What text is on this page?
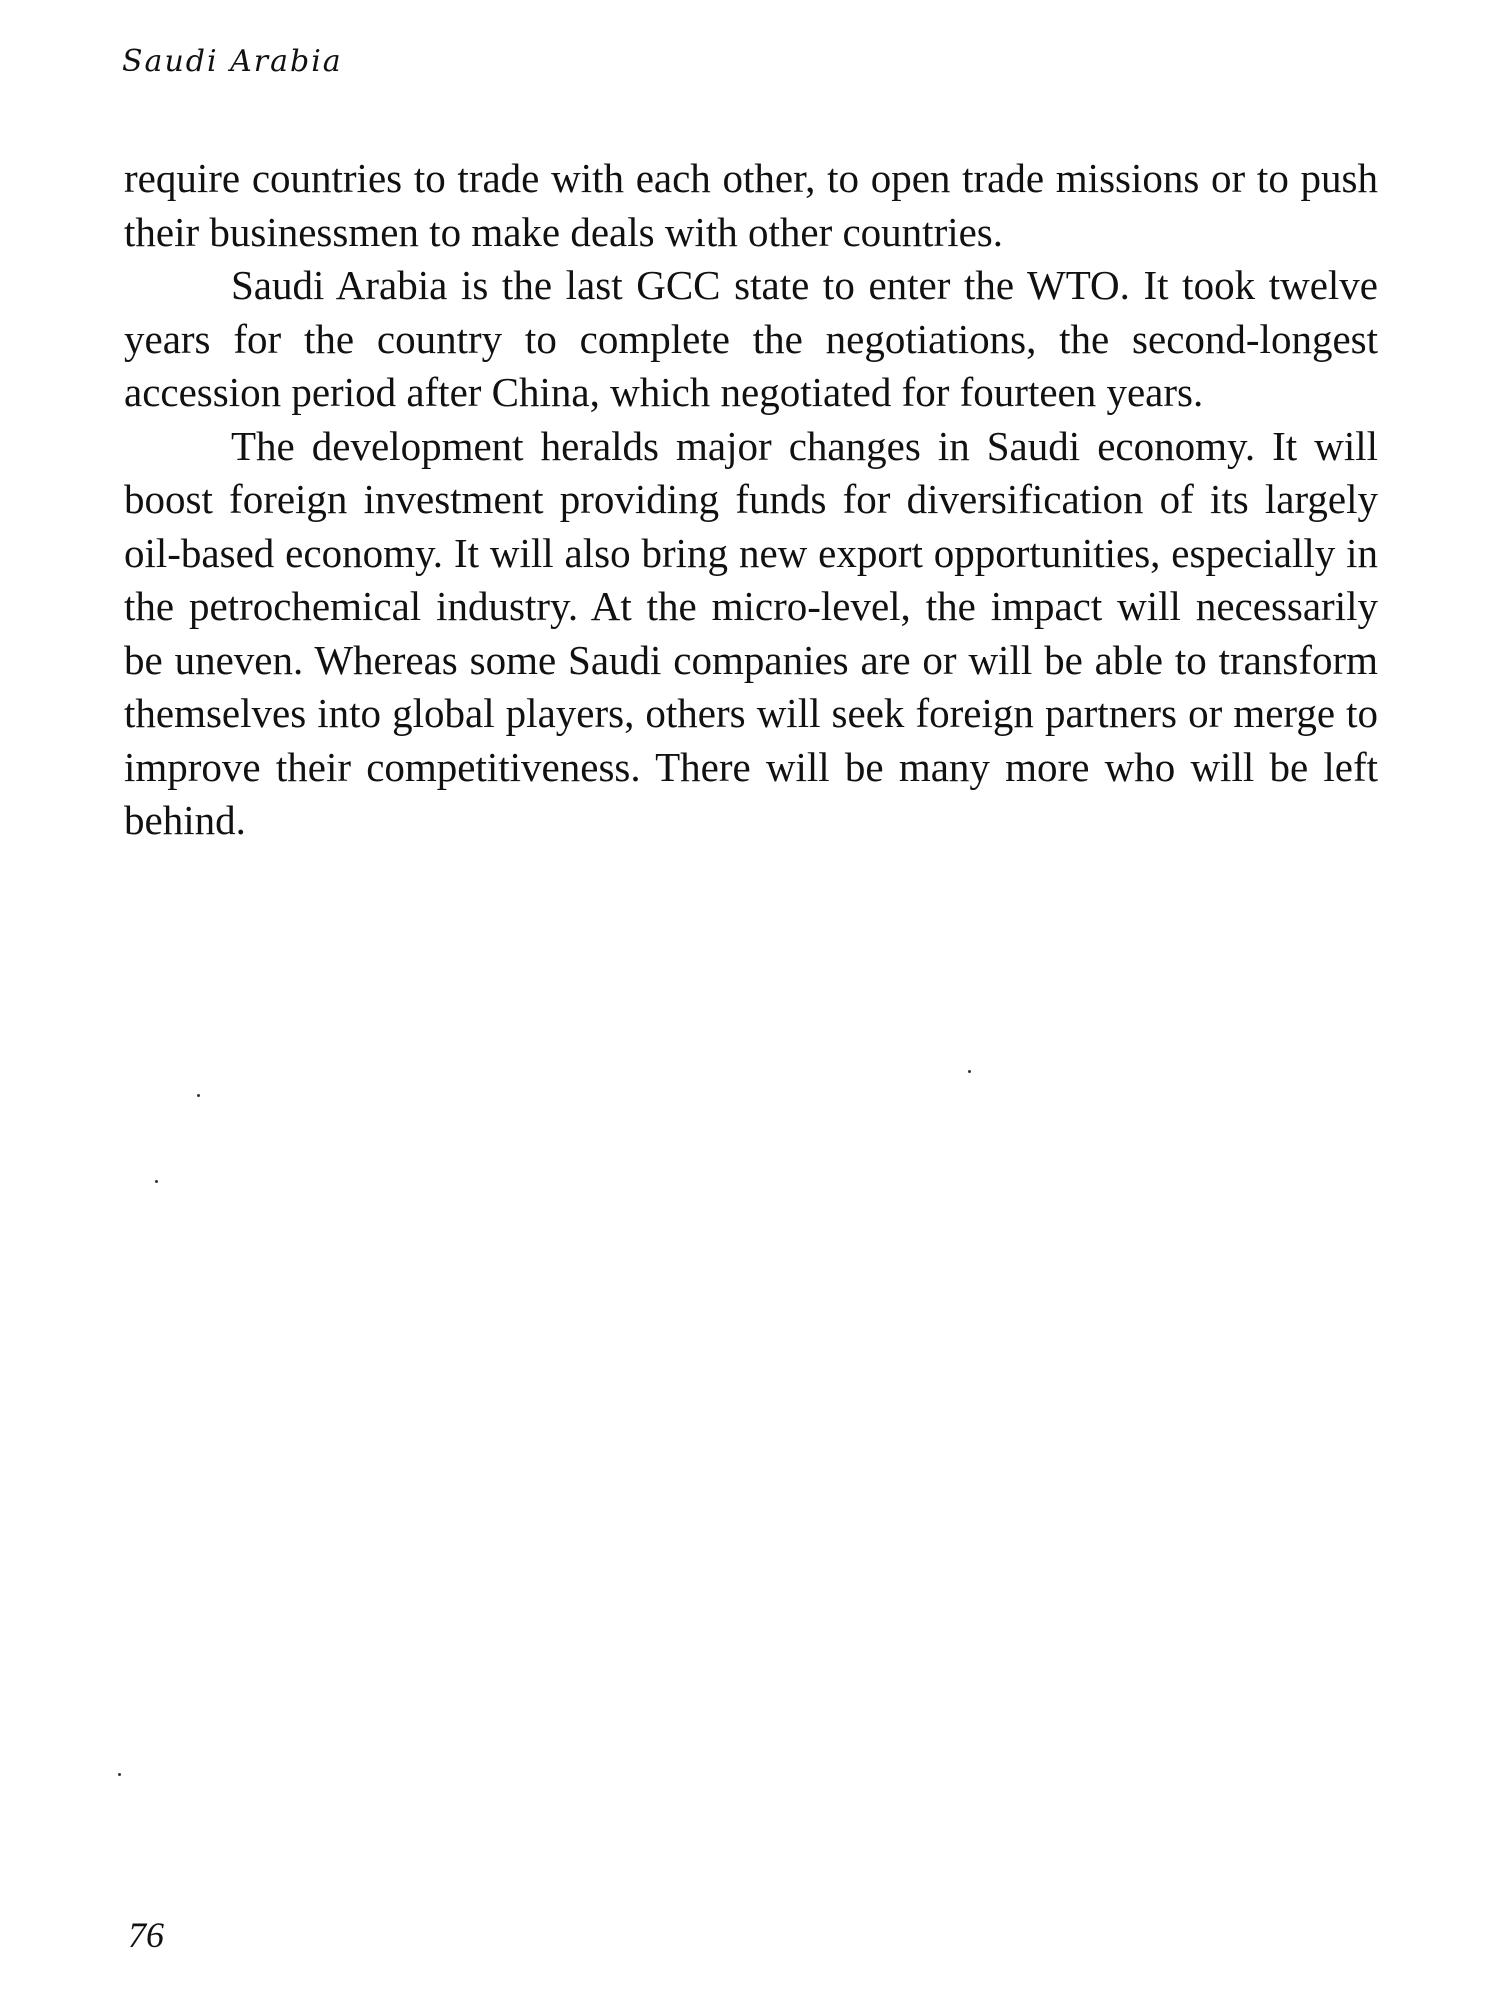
Saudi Arabia

require countries to trade with each other, to open trade missions or to push their businessmen to make deals with other countries.

Saudi Arabia is the last GCC state to enter the WTO. It took twelve years for the country to complete the negotiations, the second-longest accession period after China, which negotiated for fourteen years.

The development heralds major changes in Saudi economy. It will boost foreign investment providing funds for diversification of its largely oil-based economy. It will also bring new export opportunities, especially in the petrochemical industry. At the micro-level, the impact will necessarily be uneven. Whereas some Saudi companies are or will be able to transform themselves into global players, others will seek foreign partners or merge to improve their competitiveness. There will be many more who will be left behind.

76
